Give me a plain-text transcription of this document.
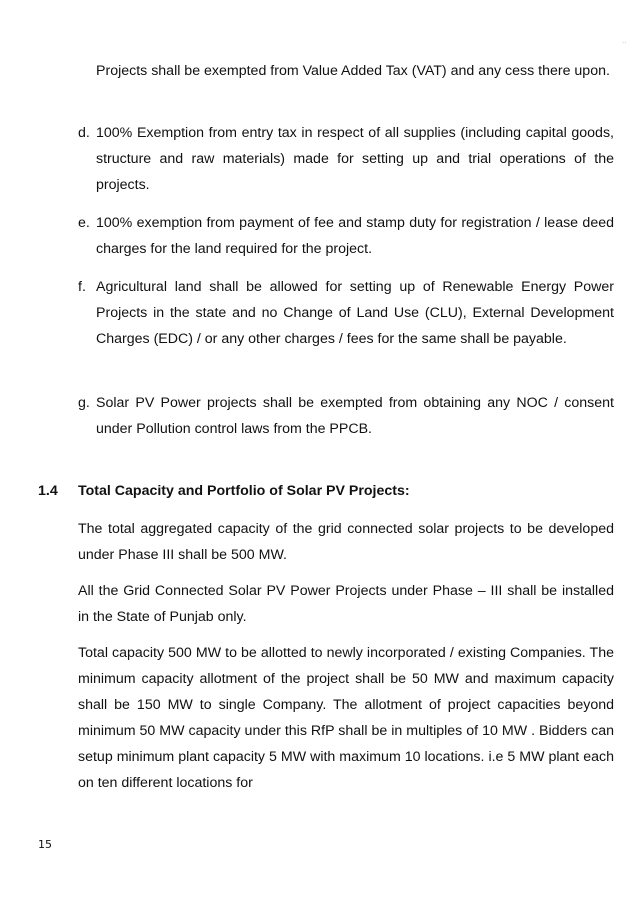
..

Projects shall be exempted from Value Added Tax (VAT) and any cess there upon.

d. 100% Exemption from entry tax in respect of all supplies (including capital goods, structure and raw materials) made for setting up and trial operations of the projects.
e. 100% exemption from payment of fee and stamp duty for registration / lease deed charges for the land required for the project.
f. Agricultural land shall be allowed for setting up of Renewable Energy Power Projects in the state and no Change of Land Use (CLU), External Development Charges (EDC) / or any other charges / fees for the same shall be payable.
g. Solar PV Power projects shall be exempted from obtaining any NOC / consent under Pollution control laws from the PPCB.
1.4 Total Capacity and Portfolio of Solar PV Projects:

The total aggregated capacity of the grid connected solar projects to be developed under Phase III shall be 500 MW.

All the Grid Connected Solar PV Power Projects under Phase – III shall be installed in the State of Punjab only.

Total capacity 500 MW to be allotted to newly incorporated / existing Companies. The minimum capacity allotment of the project shall be 50 MW and maximum capacity shall be 150 MW to single Company. The allotment of project capacities beyond minimum 50 MW capacity under this RfP shall be in multiples of 10 MW . Bidders can setup minimum plant capacity 5 MW with maximum 10 locations. i.e 5 MW plant each on ten different locations for

15
